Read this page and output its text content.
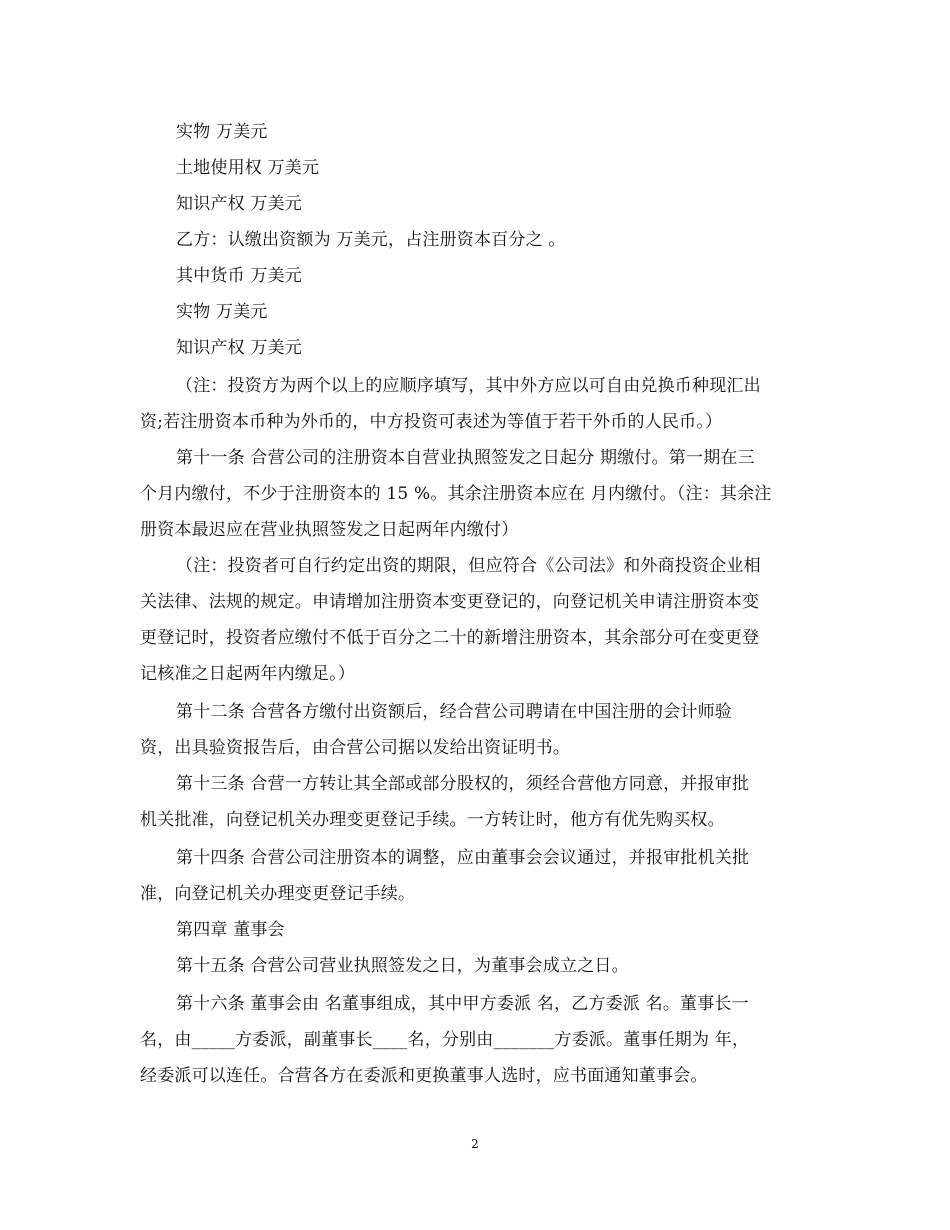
实物 万美元
土地使用权 万美元
知识产权 万美元
乙方：认缴出资额为 万美元，占注册资本百分之 。
其中货币 万美元
实物 万美元
知识产权 万美元
（注：投资方为两个以上的应顺序填写，其中外方应以可自由兑换币种现汇出
资;若注册资本币种为外币的，中方投资可表述为等值于若干外币的人民币。）
第十一条 合营公司的注册资本自营业执照签发之日起分 期缴付。第一期在三
个月内缴付，不少于注册资本的 15 %。其余注册资本应在 月内缴付。（注：其余注
册资本最迟应在营业执照签发之日起两年内缴付）
（注：投资者可自行约定出资的期限，但应符合《公司法》和外商投资企业相
关法律、法规的规定。申请增加注册资本变更登记的，向登记机关申请注册资本变
更登记时，投资者应缴付不低于百分之二十的新增注册资本，其余部分可在变更登
记核准之日起两年内缴足。）
第十二条 合营各方缴付出资额后，经合营公司聘请在中国注册的会计师验
资，出具验资报告后，由合营公司据以发给出资证明书。
第十三条 合营一方转让其全部或部分股权的，须经合营他方同意，并报审批
机关批准，向登记机关办理变更登记手续。一方转让时，他方有优先购买权。
第十四条 合营公司注册资本的调整，应由董事会会议通过，并报审批机关批
准，向登记机关办理变更登记手续。
第四章 董事会
第十五条 合营公司营业执照签发之日，为董事会成立之日。
第十六条 董事会由 名董事组成，其中甲方委派 名，乙方委派 名。董事长一
名，由_____方委派，副董事长____名，分别由_______方委派。董事任期为 年，
经委派可以连任。合营各方在委派和更换董事人选时，应书面通知董事会。
2
